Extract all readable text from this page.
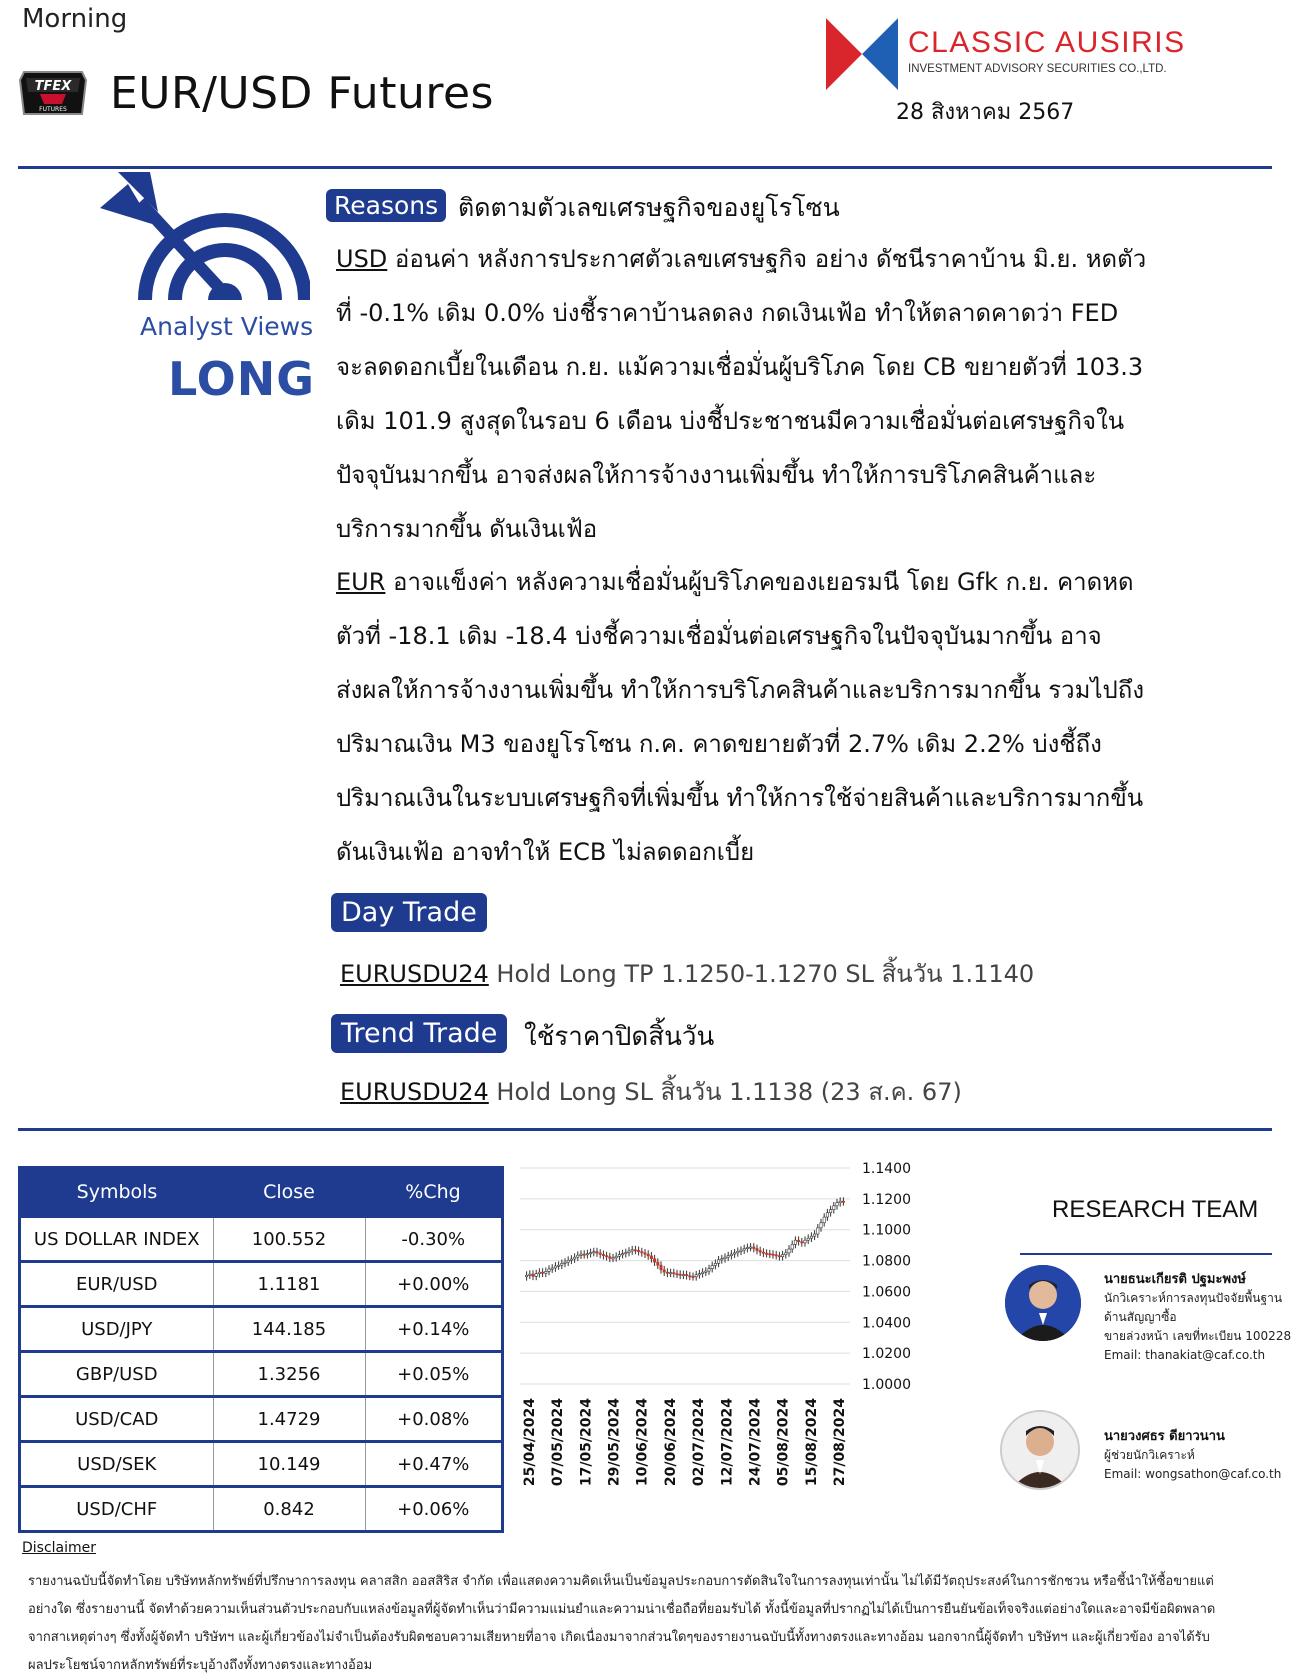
Morning
TFEX
FUTURES EUR/USD Futures
CLASSIC AUSIRIS
INVESTMENT ADVISORY SECURITIES CO.,LTD.
28 สิงหาคม 2567
Analyst Views
LONG
Reasons ติดตามตัวเลขเศรษฐกิจของยูโรโซน
USD อ่อนค่า หลังการประกาศตัวเลขเศรษฐกิจ อย่าง ดัชนีราคาบ้าน มิ.ย. หดตัว
ที่ -0.1% เดิม 0.0% บ่งชี้ราคาบ้านลดลง กดเงินเฟ้อ ทำให้ตลาดคาดว่า FED
จะลดดอกเบี้ยในเดือน ก.ย. แม้ความเชื่อมั่นผู้บริโภค โดย CB ขยายตัวที่ 103.3
เดิม 101.9 สูงสุดในรอบ 6 เดือน บ่งชี้ประชาชนมีความเชื่อมั่นต่อเศรษฐกิจใน
ปัจจุบันมากขึ้น อาจส่งผลให้การจ้างงานเพิ่มขึ้น ทำให้การบริโภคสินค้าและ
บริการมากขึ้น ดันเงินเฟ้อ
EUR อาจแข็งค่า หลังความเชื่อมั่นผู้บริโภคของเยอรมนี โดย Gfk ก.ย. คาดหด
ตัวที่ -18.1 เดิม -18.4 บ่งชี้ความเชื่อมั่นต่อเศรษฐกิจในปัจจุบันมากขึ้น อาจ
ส่งผลให้การจ้างงานเพิ่มขึ้น ทำให้การบริโภคสินค้าและบริการมากขึ้น รวมไปถึง
ปริมาณเงิน M3 ของยูโรโซน ก.ค. คาดขยายตัวที่ 2.7% เดิม 2.2% บ่งชี้ถึง
ปริมาณเงินในระบบเศรษฐกิจที่เพิ่มขึ้น ทำให้การใช้จ่ายสินค้าและบริการมากขึ้น
ดันเงินเฟ้อ อาจทำให้ ECB ไม่ลดดอกเบี้ย
Day Trade
EURUSDU24 Hold Long TP 1.1250-1.1270 SL สิ้นวัน 1.1140
Trend Trade	ใช้ราคาปิดสิ้นวัน
EURUSDU24 Hold Long SL สิ้นวัน 1.1138 (23 ส.ค. 67)
Symbols	Close	%Chg
US DOLLAR INDEX	100.552	-0.30%
EUR/USD	1.1181	+0.00%
USD/JPY	144.185	+0.14%
GBP/USD	1.3256	+0.05%
USD/CAD	1.4729	+0.08%
USD/SEK	10.149	+0.47%
USD/CHF	0.842	+0.06%
1.1400
1.1200
1.1000
1.0800
1.0600
1.0400
1.0200
1.0000
25/04/2024 07/05/2024 17/05/2024 29/05/2024 10/06/2024 20/06/2024 02/07/2024 12/07/2024 24/07/2024 05/08/2024 15/08/2024 27/08/2024
RESEARCH TEAM
นายธนะเกียรติ ปฐมะพงษ์
นักวิเคราะห์การลงทุนปัจจัยพื้นฐานด้านสัญญาซื้อ
ขายล่วงหน้า เลขที่ทะเบียน 100228
Email: thanakiat@caf.co.th
นายวงศธร ดียาวนาน
ผู้ช่วยนักวิเคราะห์
Email: wongsathon@caf.co.th
Disclaimer
รายงานฉบับนี้จัดทำโดย บริษัทหลักทรัพย์ที่ปรึกษาการลงทุน คลาสสิก ออสสิริส จำกัด เพื่อแสดงความคิดเห็นเป็นข้อมูลประกอบการตัดสินใจในการลงทุนเท่านั้น ไม่ได้มีวัตถุประสงค์ในการชักชวน หรือชี้นำให้ซื้อขายแต่
อย่างใด ซึ่งรายงานนี้ จัดทำด้วยความเห็นส่วนตัวประกอบกับแหล่งข้อมูลที่ผู้จัดทำเห็นว่ามีความแม่นยำและความน่าเชื่อถือที่ยอมรับได้ ทั้งนี้ข้อมูลที่ปรากฏไม่ได้เป็นการยืนยันข้อเท็จจริงแต่อย่างใดและอาจมีข้อผิดพลาด
จากสาเหตุต่างๆ ซึ่งทั้งผู้จัดทำ บริษัทฯ และผู้เกี่ยวข้องไม่จำเป็นต้องรับผิดชอบความเสียหายที่อาจ เกิดเนื่องมาจากส่วนใดๆของรายงานฉบับนี้ทั้งทางตรงและทางอ้อม นอกจากนี้ผู้จัดทำ บริษัทฯ และผู้เกี่ยวข้อง อาจได้รับ
ผลประโยชน์จากหลักทรัพย์ที่ระบุอ้างถึงทั้งทางตรงและทางอ้อม
